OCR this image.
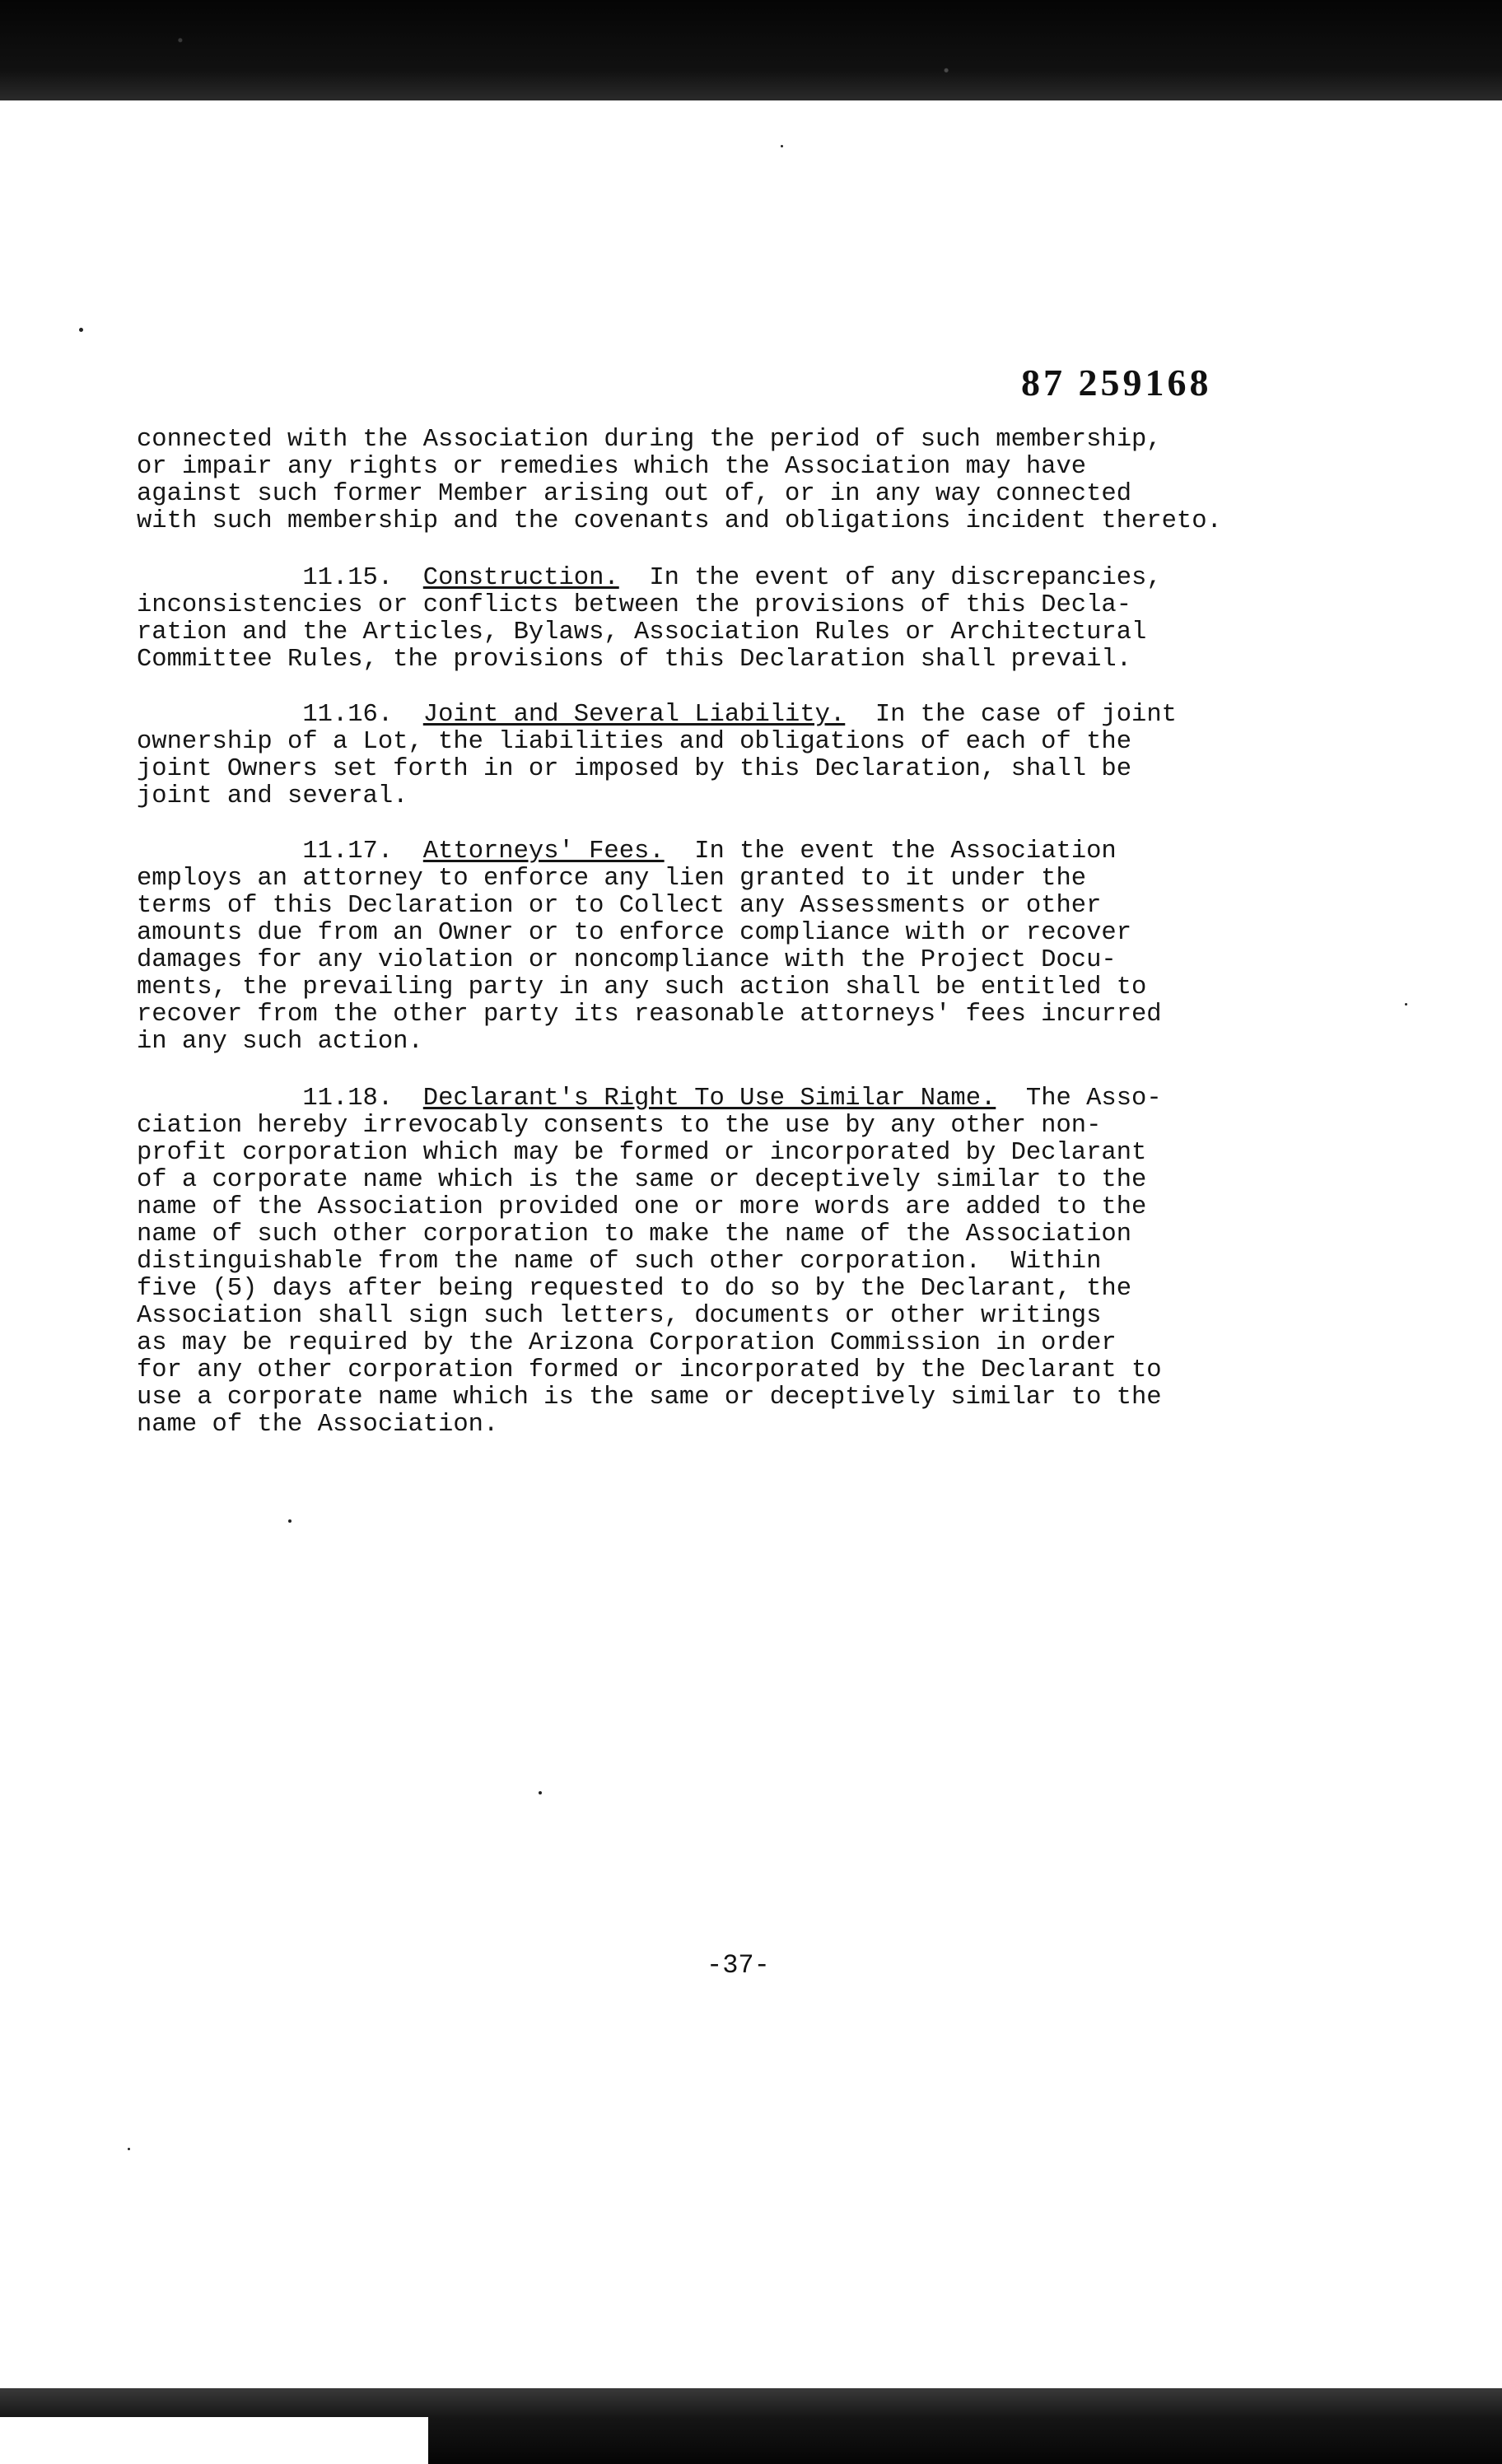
87 259168
connected with the Association during the period of such membership,
or impair any rights or remedies which the Association may have
against such former Member arising out of, or in any way connected
with such membership and the covenants and obligations incident thereto.
11.15. Construction.  In the event of any discrepancies,
inconsistencies or conflicts between the provisions of this Decla-
ration and the Articles, Bylaws, Association Rules or Architectural
Committee Rules, the provisions of this Declaration shall prevail.
11.16. Joint and Several Liability.  In the case of joint
ownership of a Lot, the liabilities and obligations of each of the
joint Owners set forth in or imposed by this Declaration, shall be
joint and several.
11.17. Attorneys' Fees.  In the event the Association
employs an attorney to enforce any lien granted to it under the
terms of this Declaration or to Collect any Assessments or other
amounts due from an Owner or to enforce compliance with or recover
damages for any violation or noncompliance with the Project Docu-
ments, the prevailing party in any such action shall be entitled to
recover from the other party its reasonable attorneys' fees incurred
in any such action.
11.18. Declarant's Right To Use Similar Name.  The Asso-
ciation hereby irrevocably consents to the use by any other non-
profit corporation which may be formed or incorporated by Declarant
of a corporate name which is the same or deceptively similar to the
name of the Association provided one or more words are added to the
name of such other corporation to make the name of the Association
distinguishable from the name of such other corporation.  Within
five (5) days after being requested to do so by the Declarant, the
Association shall sign such letters, documents or other writings
as may be required by the Arizona Corporation Commission in order
for any other corporation formed or incorporated by the Declarant to
use a corporate name which is the same or deceptively similar to the
name of the Association.
-37-
